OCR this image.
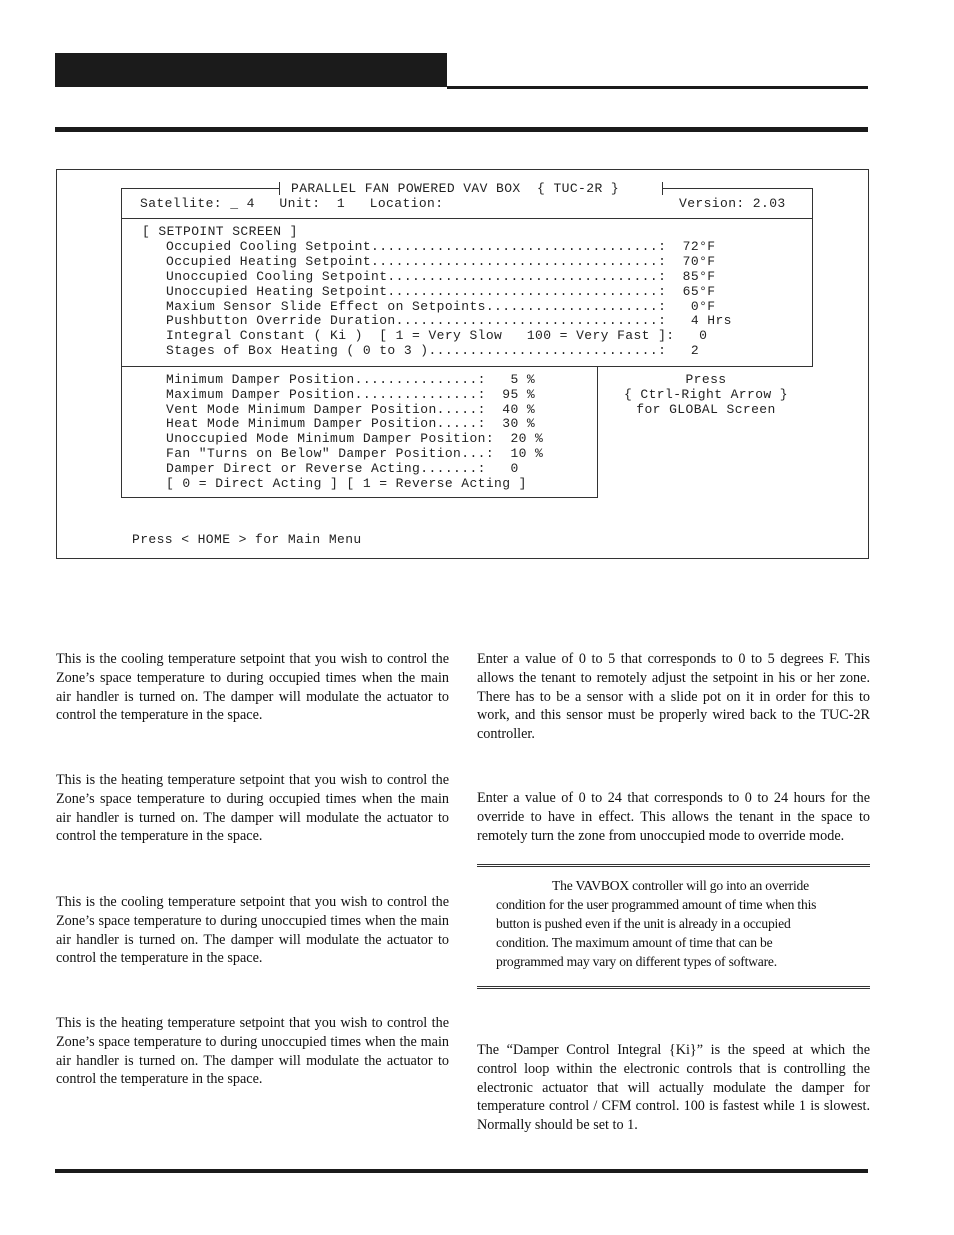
PARALLEL FAN POWERED VAV BOX  { TUC-2R }
Satellite: _ 4   Unit:  1   Location:	Version: 2.03
[ SETPOINT SCREEN ]
Occupied Cooling Setpoint...................................:  72°F
Occupied Heating Setpoint...................................:  70°F
Unoccupied Cooling Setpoint.................................:  85°F
Unoccupied Heating Setpoint.................................:  65°F
Maxium Sensor Slide Effect on Setpoints.....................:   0°F
Pushbutton Override Duration................................:   4 Hrs
Integral Constant ( Ki )  [ 1 = Very Slow   100 = Very Fast ]:   0
Stages of Box Heating ( 0 to 3 )............................:   2
Minimum Damper Position...............:   5 %
Maximum Damper Position...............:  95 %
Vent Mode Minimum Damper Position.....:  40 %
Heat Mode Minimum Damper Position.....:  30 %
Unoccupied Mode Minimum Damper Position:  20 %
Fan "Turns on Below" Damper Position...:  10 %
Damper Direct or Reverse Acting.......:   0
[ 0 = Direct Acting ] [ 1 = Reverse Acting ]
Press
{ Ctrl-Right Arrow }
for GLOBAL Screen
Press < HOME > for Main Menu

This is the cooling temperature setpoint that you wish to control the Zone’s space temperature to during occupied times when the main air handler is turned on. The damper will modulate the actuator to control the temperature in the space.

This is the heating temperature setpoint that you wish to control the Zone’s space temperature to during occupied times when the main air handler is turned on. The damper will modulate the actuator to control the temperature in the space.

This is the cooling temperature setpoint that you wish to control the Zone’s space temperature to during unoccupied times when the main air handler is turned on. The damper will modulate the actuator to control the temperature in the space.

This is the heating temperature setpoint that you wish to control the Zone’s space temperature to during unoccupied times when the main air handler is turned on. The damper will modulate the actuator to control the temperature in the space.

Enter a value of 0 to 5 that corresponds to 0 to 5 degrees F. This allows the tenant to remotely adjust the setpoint in his or her zone. There has to be a sensor with a slide pot on it in order for this to work, and this sensor must be properly wired back to the TUC-2R controller.

Enter a value of 0 to 24 that corresponds to 0 to 24 hours for the override to have in effect. This allows the tenant in the space to remotely turn the zone from unoccupied mode to override mode.

The VAVBOX controller will go into an override condition for the user programmed amount of time when this button is pushed even if the unit is already in a occupied condition. The maximum amount of time that can be programmed may vary on different types of software.

The “Damper Control Integral {Ki}” is the speed at which the control loop within the electronic controls that is controlling the electronic actuator that will actually modulate the damper for temperature control / CFM control. 100 is fastest while 1 is slowest. Normally should be set to 1.
